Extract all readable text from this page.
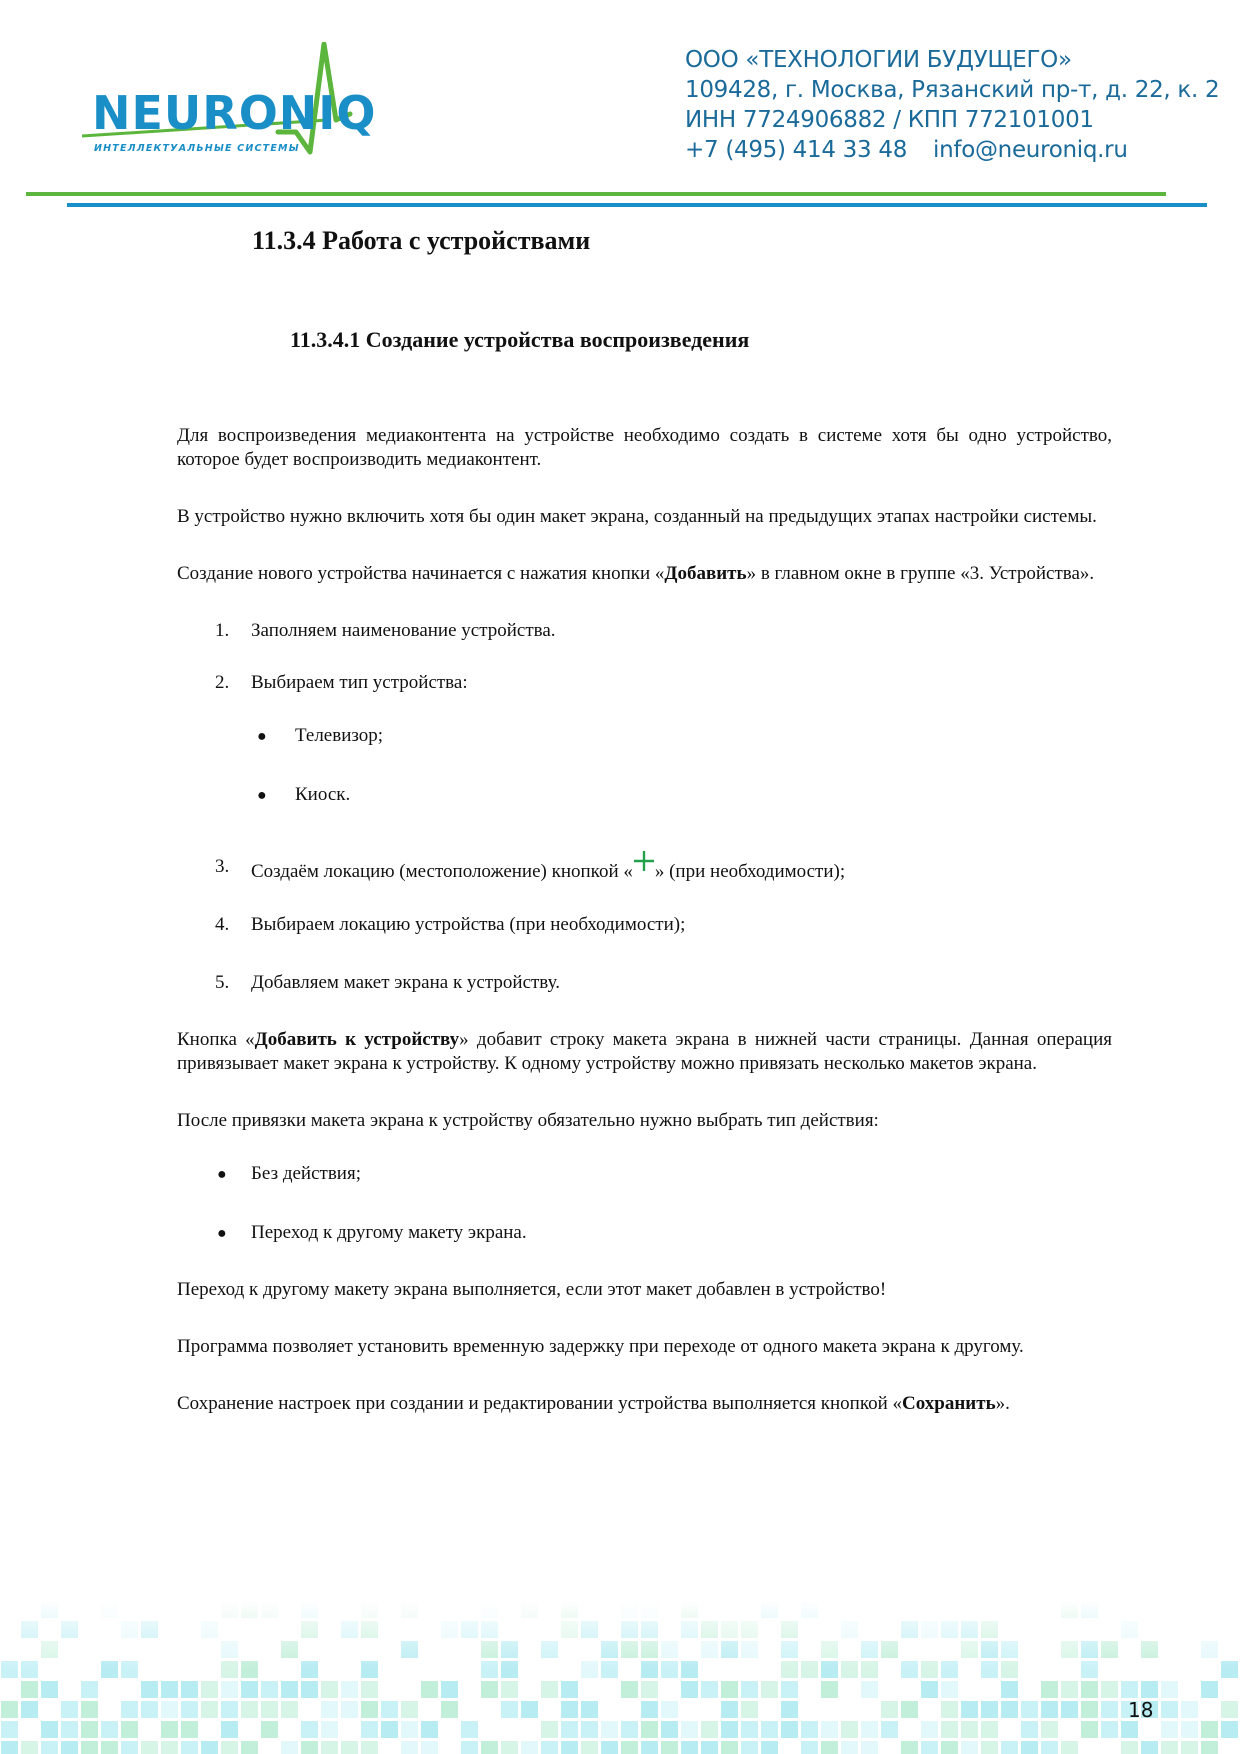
NEURONIQ
ИНТЕЛЛЕКТУАЛЬНЫЕ СИСТЕМЫ
ООО «ТЕХНОЛОГИИ БУДУЩЕГО»
109428, г. Москва, Рязанский пр-т, д. 22, к. 2
ИНН 7724906882 / КПП 772101001
+7 (495) 414 33 48 info@neuroniq.ru
11.3.4 Работа с устройствами
11.3.4.1 Создание устройства воспроизведения

Для воспроизведения медиаконтента на устройстве необходимо создать в системе хотя бы одно устройство, которое будет воспроизводить медиаконтент.

В устройство нужно включить хотя бы один макет экрана, созданный на предыдущих этапах настройки системы.

Создание нового устройства начинается с нажатия кнопки «Добавить» в главном окне в группе «3. Устройства».

1. Заполняем наименование устройства.
2. Выбираем тип устройства:
● Телевизор;
● Киоск.
3. Создаём локацию (местоположение) кнопкой « » (при необходимости);
4. Выбираем локацию устройства (при необходимости);
5. Добавляем макет экрана к устройству.

Кнопка «Добавить к устройству» добавит строку макета экрана в нижней части страницы. Данная операция привязывает макет экрана к устройству. К одному устройству можно привязать несколько макетов экрана.

После привязки макета экрана к устройству обязательно нужно выбрать тип действия:

● Без действия;
● Переход к другому макету экрана.

Переход к другому макету экрана выполняется, если этот макет добавлен в устройство!

Программа позволяет установить временную задержку при переходе от одного макета экрана к другому.

Сохранение настроек при создании и редактировании устройства выполняется кнопкой «Сохранить».

18
